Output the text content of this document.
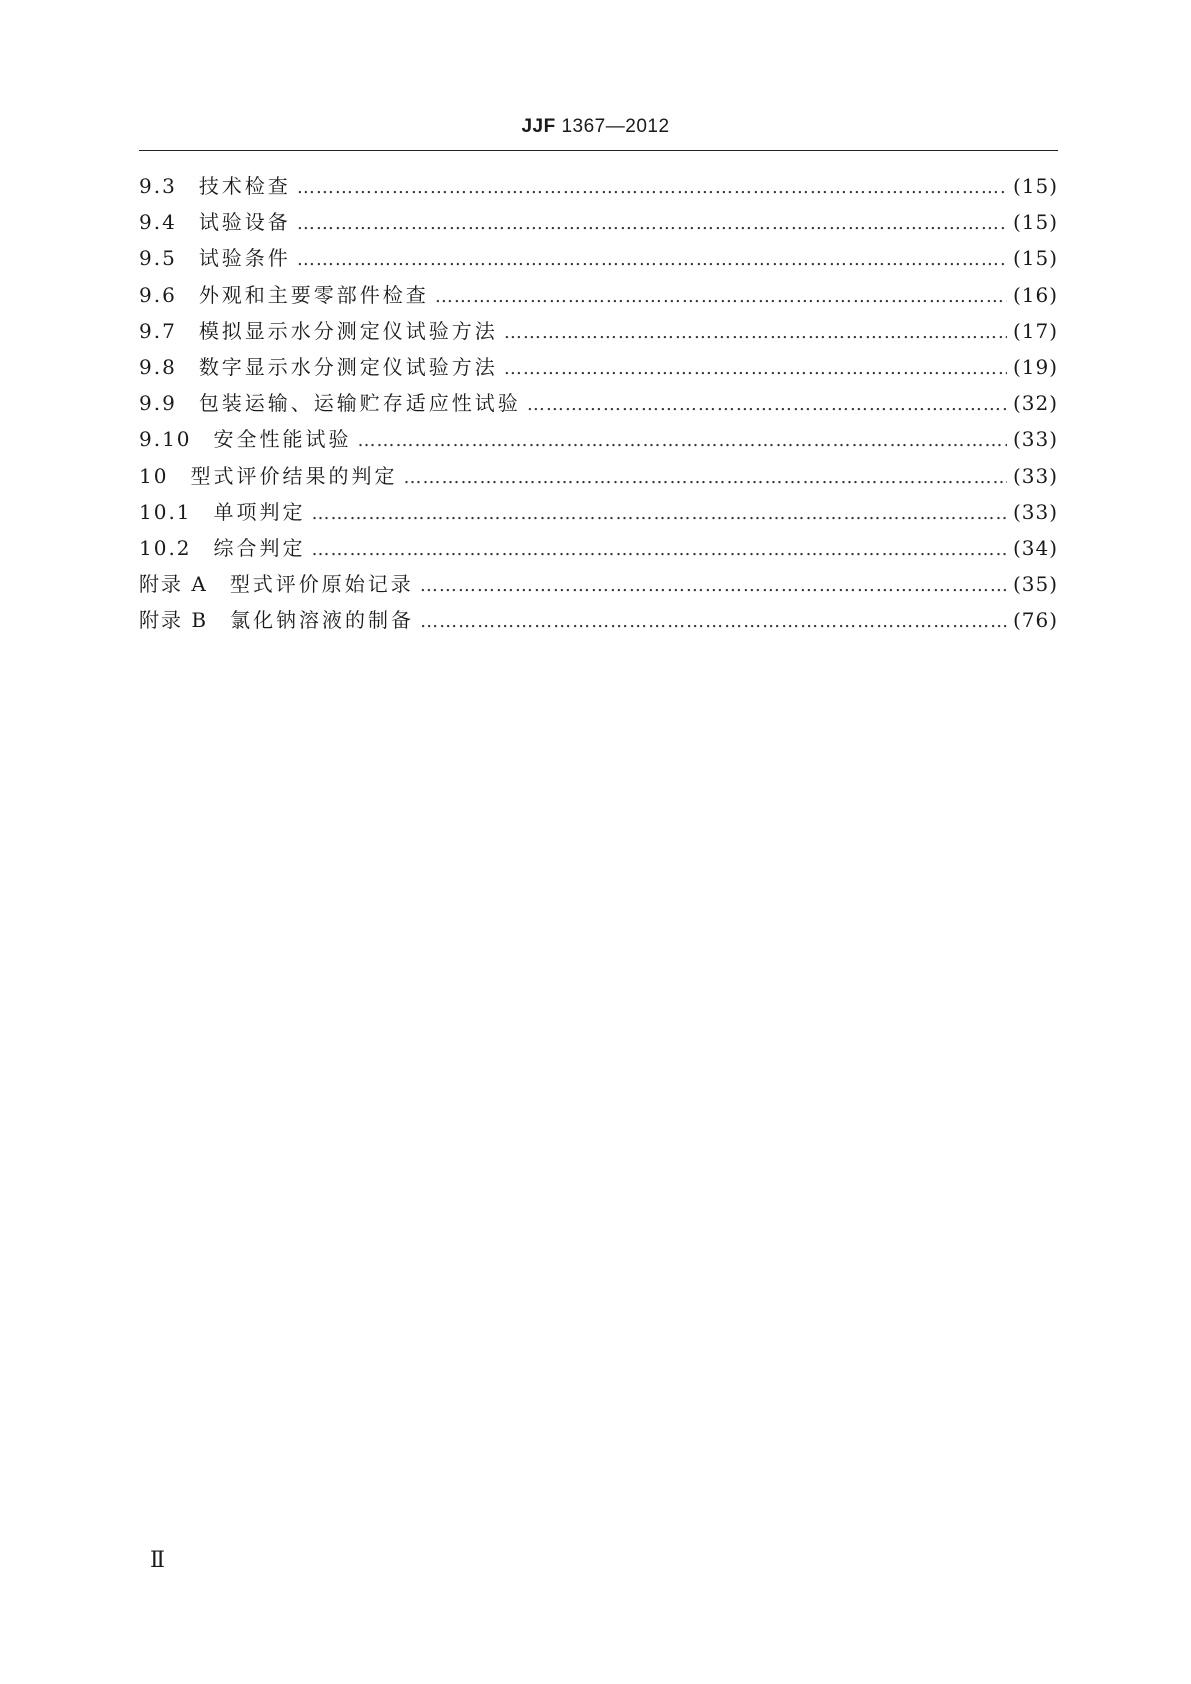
JJF 1367—2012
9.3 技术检查 ………………………………………………………………………………………………………………………………………………………………………………………………………………………………	(15)
9.4 试验设备 ………………………………………………………………………………………………………………………………………………………………………………………………………………………………	(15)
9.5 试验条件 ………………………………………………………………………………………………………………………………………………………………………………………………………………………………	(15)
9.6 外观和主要零部件检查 ………………………………………………………………………………………………………………………………………………………………………………………………………………………………	(16)
9.7 模拟显示水分测定仪试验方法 ………………………………………………………………………………………………………………………………………………………………………………………………………………………………	(17)
9.8 数字显示水分测定仪试验方法 ………………………………………………………………………………………………………………………………………………………………………………………………………………………………	(19)
9.9 包装运输、运输贮存适应性试验 ………………………………………………………………………………………………………………………………………………………………………………………………………………………………	(32)
9.10 安全性能试验 ………………………………………………………………………………………………………………………………………………………………………………………………………………………………	(33)
10 型式评价结果的判定 ………………………………………………………………………………………………………………………………………………………………………………………………………………………………	(33)
10.1 单项判定 ………………………………………………………………………………………………………………………………………………………………………………………………………………………………	(33)
10.2 综合判定 ………………………………………………………………………………………………………………………………………………………………………………………………………………………………	(34)
附录 A 型式评价原始记录 ………………………………………………………………………………………………………………………………………………………………………………………………………………………………	(35)
附录 B 氯化钠溶液的制备 ………………………………………………………………………………………………………………………………………………………………………………………………………………………………	(76)
Ⅱ
